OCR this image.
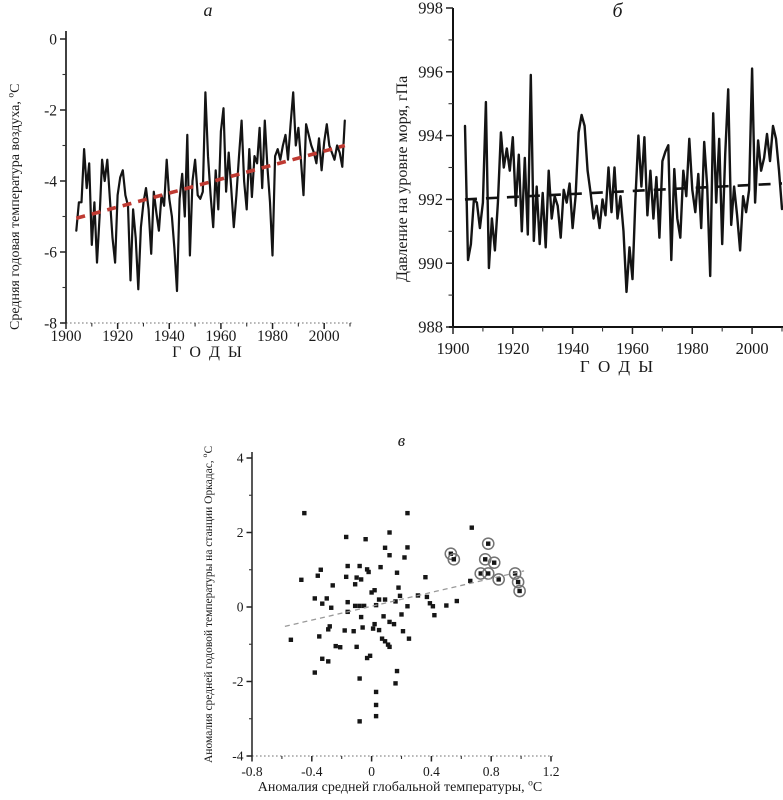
1900 1920 1940 1960 1980 2000
0
-2
-4
-6
-8
а
Средняя годовая температура воздуха, $^о$С
Г О Д Ы	1900 1920 1940 1960 1980 2000
998
996
994
992
990
988
б
Давление на уровне моря, гПа
Г О Д Ы
-0.8	-0.4	0	0.4	0.8	1.2
4
2
0
-2
-4
в
Аномалия средней годовой температуры на станции Оркадас, $^о$С
Аномалия средней глобальной температуры, $^о$С
